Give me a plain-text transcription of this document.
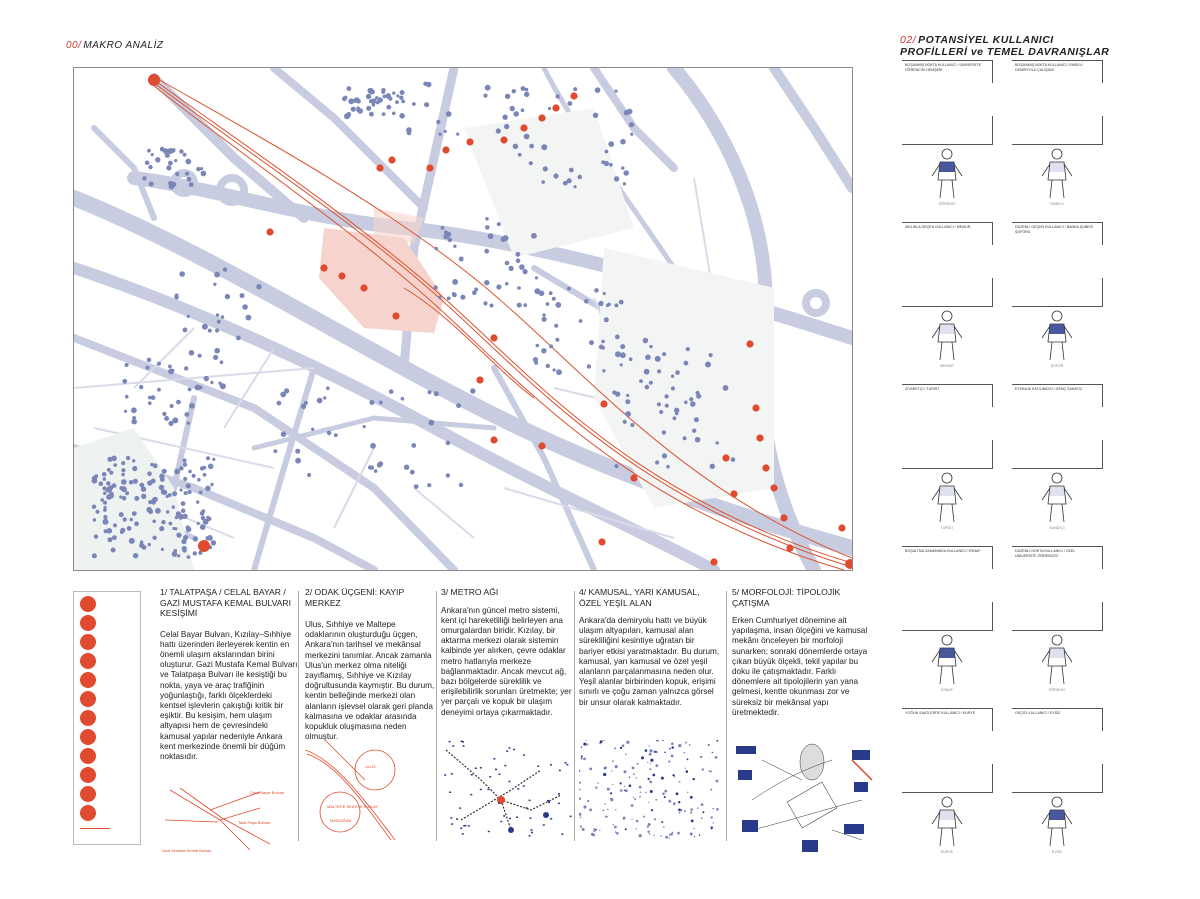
00/ MAKRO ANALİZ	02/ POTANSİYEL KULLANICI
PROFİLLERİ ve TEMEL DAVRANIŞLAR
1/ TALATPAŞA / CELAL BAYAR / GAZİ MUSTAFA KEMAL BULVARI KESİŞİMİ

Celal Bayar Bulvarı, Kızılay–Sıhhiye hattı üzerinden ilerleyerek kentin en önemli ulaşım akslarından birini oluşturur. Gazi Mustafa Kemal Bulvarı ve Talatpaşa Bulvarı ile kesiştiği bu nokta, yaya ve araç trafiğinin yoğunlaştığı, farklı ölçeklerdeki kentsel işlevlerin çakıştığı kritik bir eşiktir. Bu kesişim, hem ulaşım altyapısı hem de çevresindeki kamusal yapılar nedeniyle Ankara kent merkezinde önemli bir düğüm noktasıdır.

2/ ODAK ÜÇGENİ: KAYIP MERKEZ

Ulus, Sıhhiye ve Maltepe odaklarının oluşturduğu üçgen, Ankara'nın tarihsel ve mekânsal merkezini tanımlar. Ancak zamanla Ulus'un merkez olma niteliği zayıflamış, Sıhhiye ve Kızılay doğrultusunda kaymıştır. Bu durum, kentin belleğinde merkezi olan alanların işlevsel olarak geri planda kalmasına ve odaklar arasında kopukluk oluşmasına neden olmuştur.

3/ METRO AĞI

Ankara'nın güncel metro sistemi, kent içi hareketliliği belirleyen ana omurgalardan biridir. Kızılay, bir aktarma merkezi olarak sistemin kalbinde yer alırken, çevre odaklar metro hatlarıyla merkeze bağlanmaktadır. Ancak mevcut ağ, bazı bölgelerde süreklilik ve erişilebilirlik sorunları üretmekte; yer yer parçalı ve kopuk bir ulaşım deneyimi ortaya çıkarmaktadır.

4/ KAMUSAL, YARI KAMUSAL, ÖZEL YEŞİL ALAN

Ankara'da demiryolu hattı ve büyük ulaşım altyapıları, kamusal alan sürekliliğini kesintiye uğratan bir bariyer etkisi yaratmaktadır. Bu durum, kamusal, yarı kamusal ve özel yeşil alanların parçalanmasına neden olur. Yeşil alanlar birbirinden kopuk, erişimi sınırlı ve çoğu zaman yalnızca görsel bir unsur olarak kalmaktadır.

5/ MORFOLOJİ: TİPOLOJİK ÇATIŞMA

Erken Cumhuriyet dönemine ait yapılaşma, insan ölçeğini ve kamusal mekânı önceleyen bir morfoloji sunarken; sonraki dönemlerde ortaya çıkan büyük ölçekli, tekil yapılar bu doku ile çatışmaktadır. Farklı dönemlere ait tipolojilerin yan yana gelmesi, kentte okunması zor ve süreksiz bir mekânsal yapı üretmektedir.

Celal Bayar Bulvarı
Talat Paşa Bulvarı
Gazi Mustafa Kemal Bulvarı
ULUS
MALTEPE SIHHİYE KIZILAY
TANDOĞAN
BOŞANMIŞ NOKTA KULLANICI / ÜNİVERSİTE ÖĞRENCİSİ HEMŞİRE
ÖĞRENCİ
BOŞANMIŞ NOKTA KULLANICI / EMEKLİ DEMİRYOLU ÇALIŞANI
EMEKLİ
SIKLIKLA GEÇEN KULLANICI / MEMUR
MEMUR
DÜZENLİ GEÇEN KULLANICI / BANKA ŞUBESİ ŞOFÖRÜ
ŞOFÖR
ZİYARETÇİ / TURİST
TURİST
ETKİNLİK KATILIMCISI / GENÇ SANATÇI
SANATÇI
BOŞALTMA ZAMANINDA KULLANICI / ESNAF
ESNAF
DÜZENLİ NOKTA KULLANICI / ÖZEL ÜNİVERSİTE ÖĞRENCİSİ
ÖĞRENCİ
YOĞUN SAATLERDE KULLANICI / KURYE
KURYE
GEÇİCİ KULLANICI / EVSİZ
EVSİZ
